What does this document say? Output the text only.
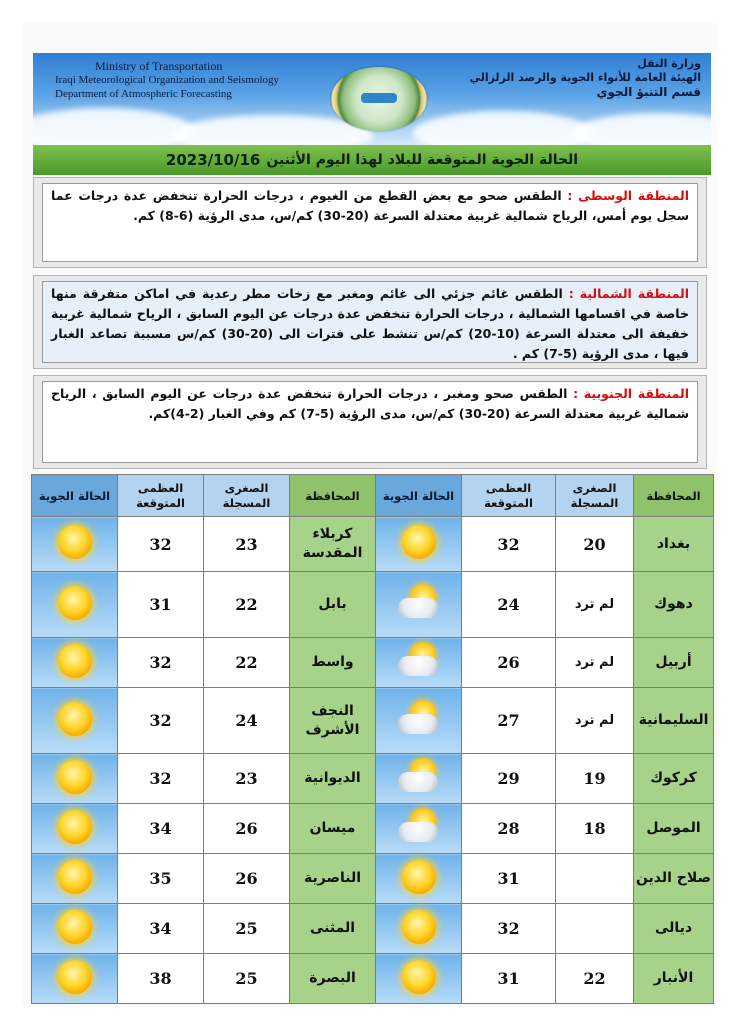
Ministry of Transportation
Iraqi Meteorological Organization and Seismology
Department of Atmospheric Forecasting
وزارة النقل
الهيئة العامة للأنواء الجوية والرصد الزلزالي
قسم التنبؤ الجوي
الحالة الجوية المتوقعة للبلاد لهذا اليوم الأثنين
2023/10/16
المنطقة الوسطى : الطقس صحو مع بعض القطع من الغيوم ، درجات الحرارة تنخفض عدة درجات عما سجل يوم أمس، الرياح شمالية غربية معتدلة السرعة (20-30) كم/س، مدى الرؤية (6-8) كم.
المنطقة الشمالية : الطقس غائم جزئي الى غائم ومغبر مع زخات مطر رعدية في اماكن متفرقة منها خاصة في اقسامها الشمالية ، درجات الحرارة تنخفض عدة درجات عن اليوم السابق ، الرياح شمالية غربية خفيفة الى معتدلة السرعة (10-20) كم/س تنشط على فترات الى (20-30) كم/س مسببة تصاعد الغبار فيها ، مدى الرؤية (5-7) كم .
المنطقة الجنوبية : الطقس صحو ومغبر ، درجات الحرارة تنخفض عدة درجات عن اليوم السابق ، الرياح شمالية غربية معتدلة السرعة (20-30) كم/س، مدى الرؤية (5-7) كم وفي الغبار (2-4)كم.
الحالة الجوية	العظمى المتوقعة	الصغرى المسجلة	المحافظة	الحالة الجوية	العظمى المتوقعة	الصغرى المسجلة	المحافظة
	32	23	كربلاء المقدسة		32	20	بغداد
	31	22	بابل		24	لم ترد	دهوك
	32	22	واسط		26	لم ترد	أربيل
	32	24	النجف الأشرف		27	لم ترد	السليمانية
	32	23	الديوانية		29	19	كركوك
	34	26	ميسان		28	18	الموصل
	35	26	الناصرية		31		صلاح الدين
	34	25	المثنى		32		ديالى
	38	25	البصرة		31	22	الأنبار
